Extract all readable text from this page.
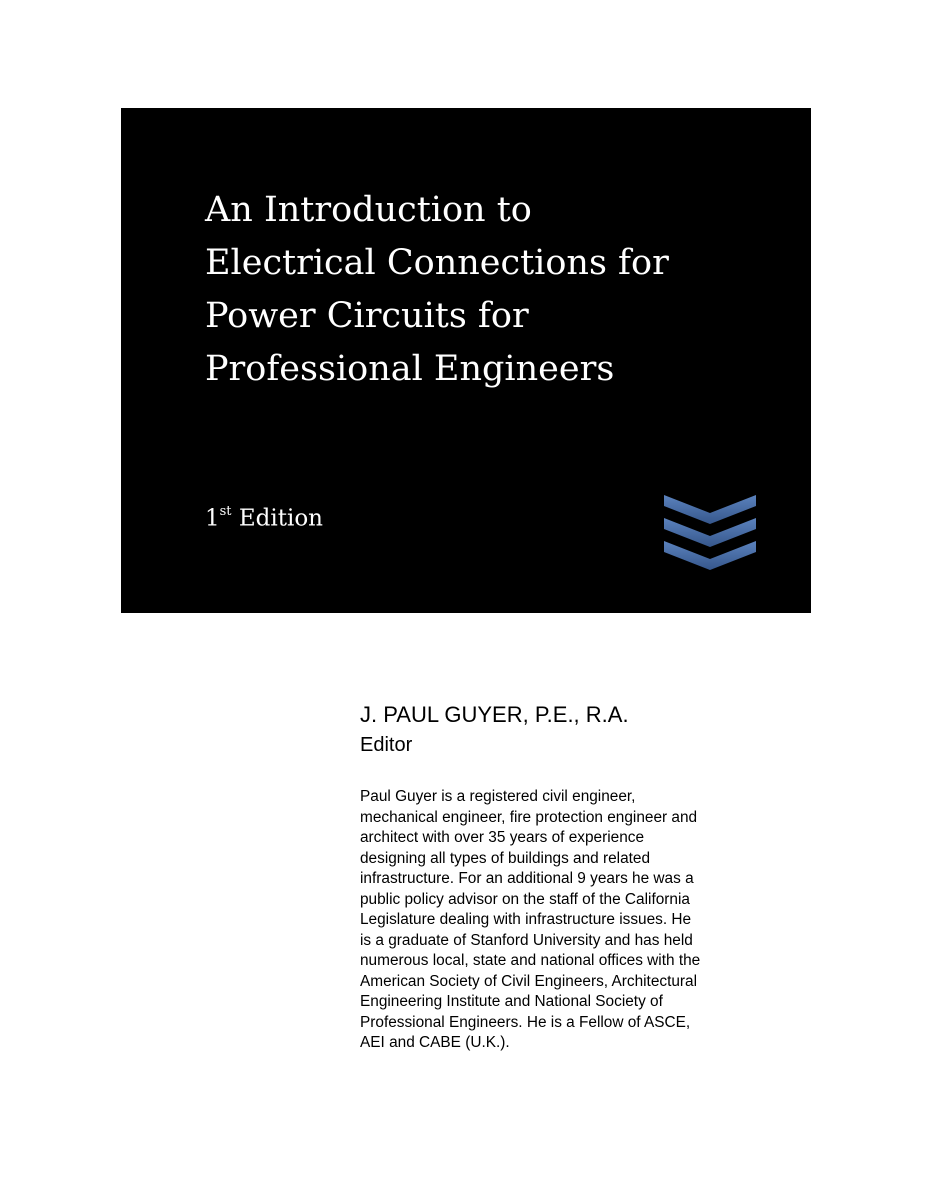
An Introduction to
Electrical Connections for
Power Circuits for
Professional Engineers
1st Edition
J. PAUL GUYER, P.E., R.A.
Editor
Paul Guyer is a registered civil engineer,
mechanical engineer, fire protection engineer and
architect with over 35 years of experience
designing all types of buildings and related
infrastructure. For an additional 9 years he was a
public policy advisor on the staff of the California
Legislature dealing with infrastructure issues. He
is a graduate of Stanford University and has held
numerous local, state and national offices with the
American Society of Civil Engineers, Architectural
Engineering Institute and National Society of
Professional Engineers. He is a Fellow of ASCE,
AEI and CABE (U.K.).
